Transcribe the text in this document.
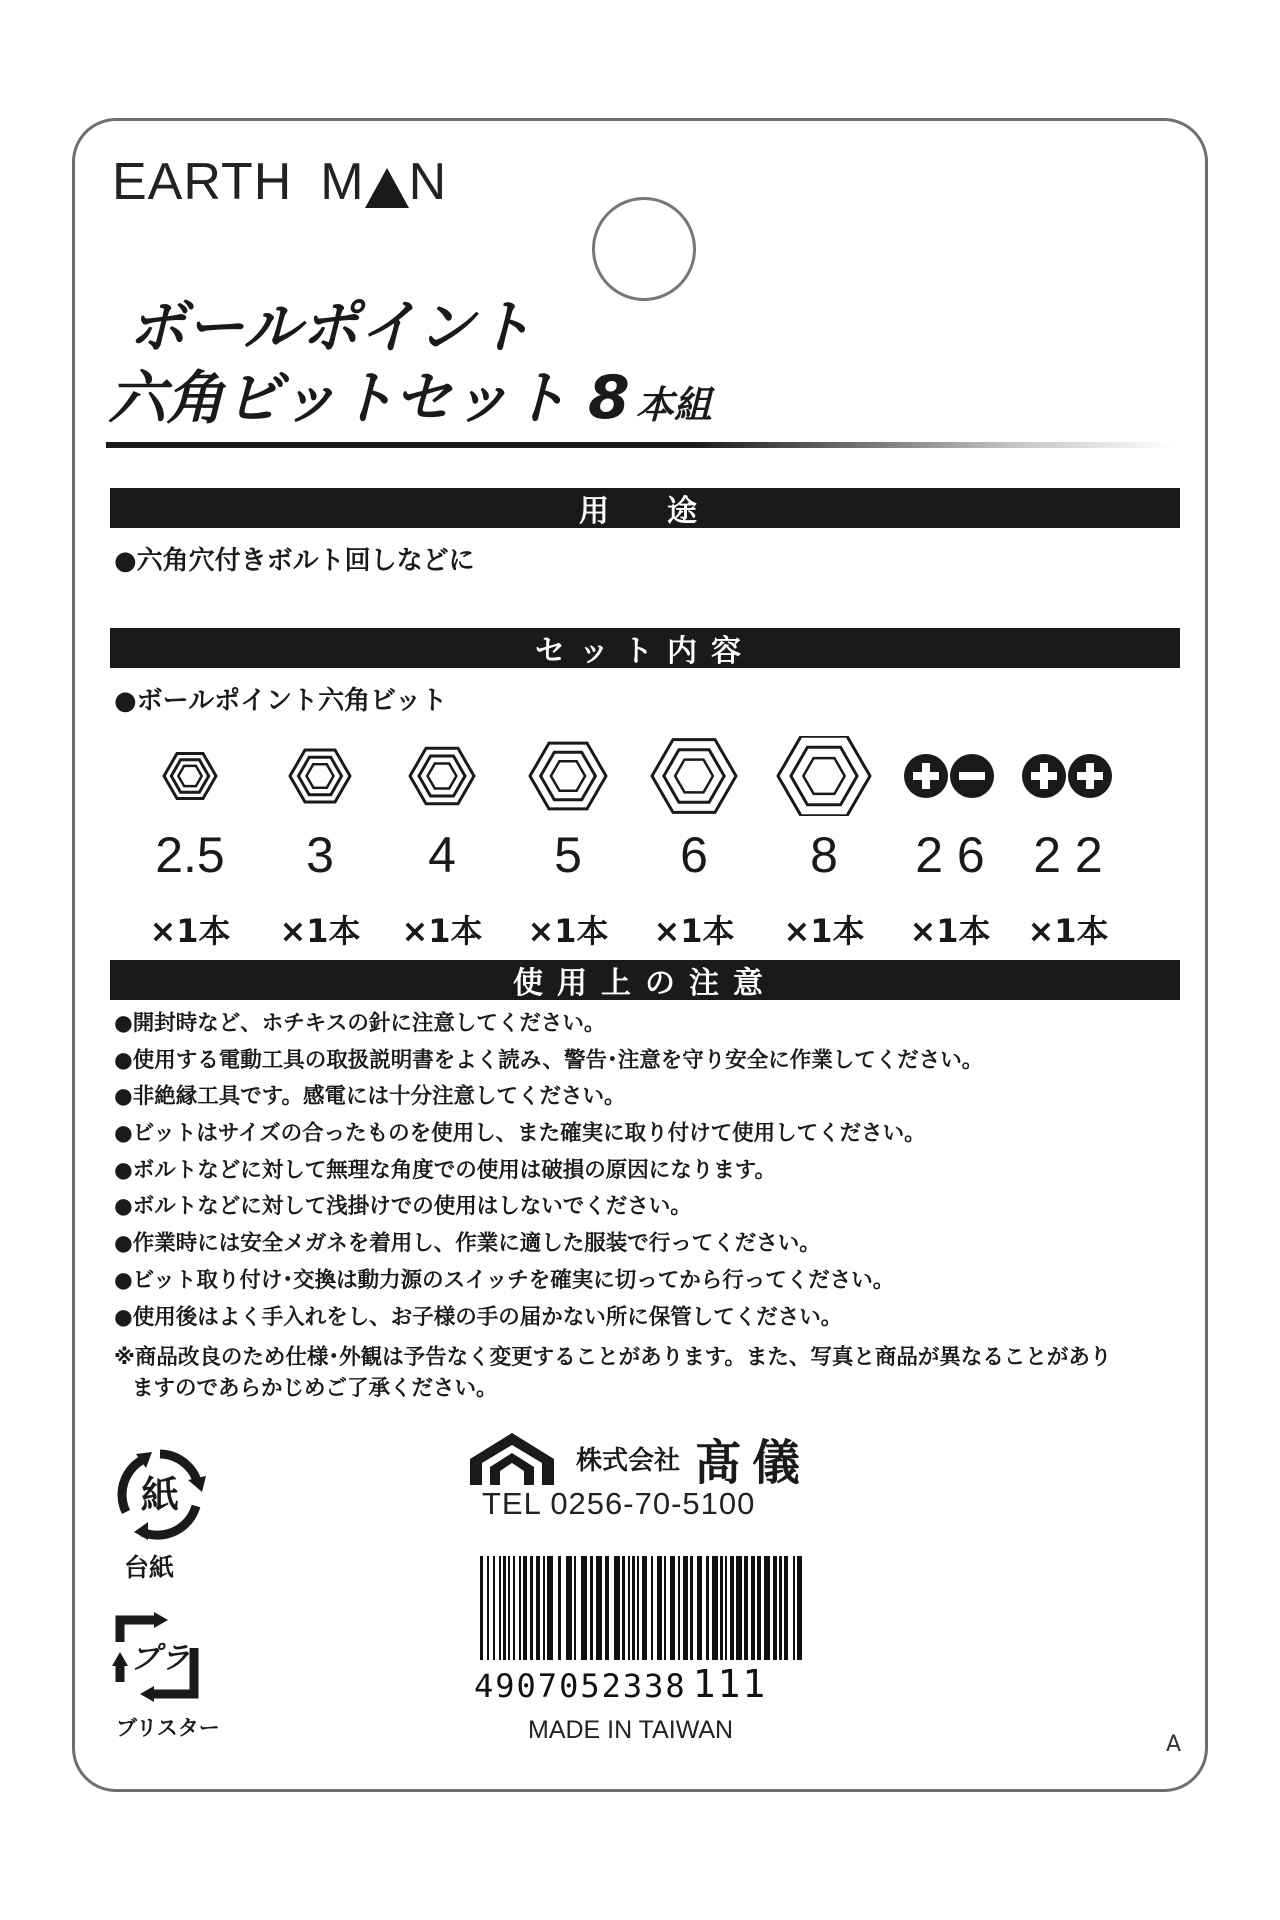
EARTH M N
ボールポイント
六角ビットセット 8 本組
用　途
●六角穴付きボルト回しなどに
セット内容
●ボールポイント六角ビット
2.5
×1本
3
×1本
4
×1本
5
×1本
6
×1本
8
×1本
2 6
×1本
2 2
×1本
使用上の注意
●開封時など、ホチキスの針に注意してください。
●使用する電動工具の取扱説明書をよく読み、警告･注意を守り安全に作業してください。
●非絶縁工具です。感電には十分注意してください。
●ビットはサイズの合ったものを使用し、また確実に取り付けて使用してください。
●ボルトなどに対して無理な角度での使用は破損の原因になります。
●ボルトなどに対して浅掛けでの使用はしないでください。
●作業時には安全メガネを着用し、作業に適した服装で行ってください。
●ビット取り付け･交換は動力源のスイッチを確実に切ってから行ってください。
●使用後はよく手入れをし、お子様の手の届かない所に保管してください。
※商品改良のため仕様･外観は予告なく変更することがあります。また、写真と商品が異なることがあり
ますのであらかじめご了承ください。
株式会社 髙儀
TEL 0256-70-5100
4907052338 111
MADE IN TAIWAN
A
紙
台紙
プラ
ブリスター
